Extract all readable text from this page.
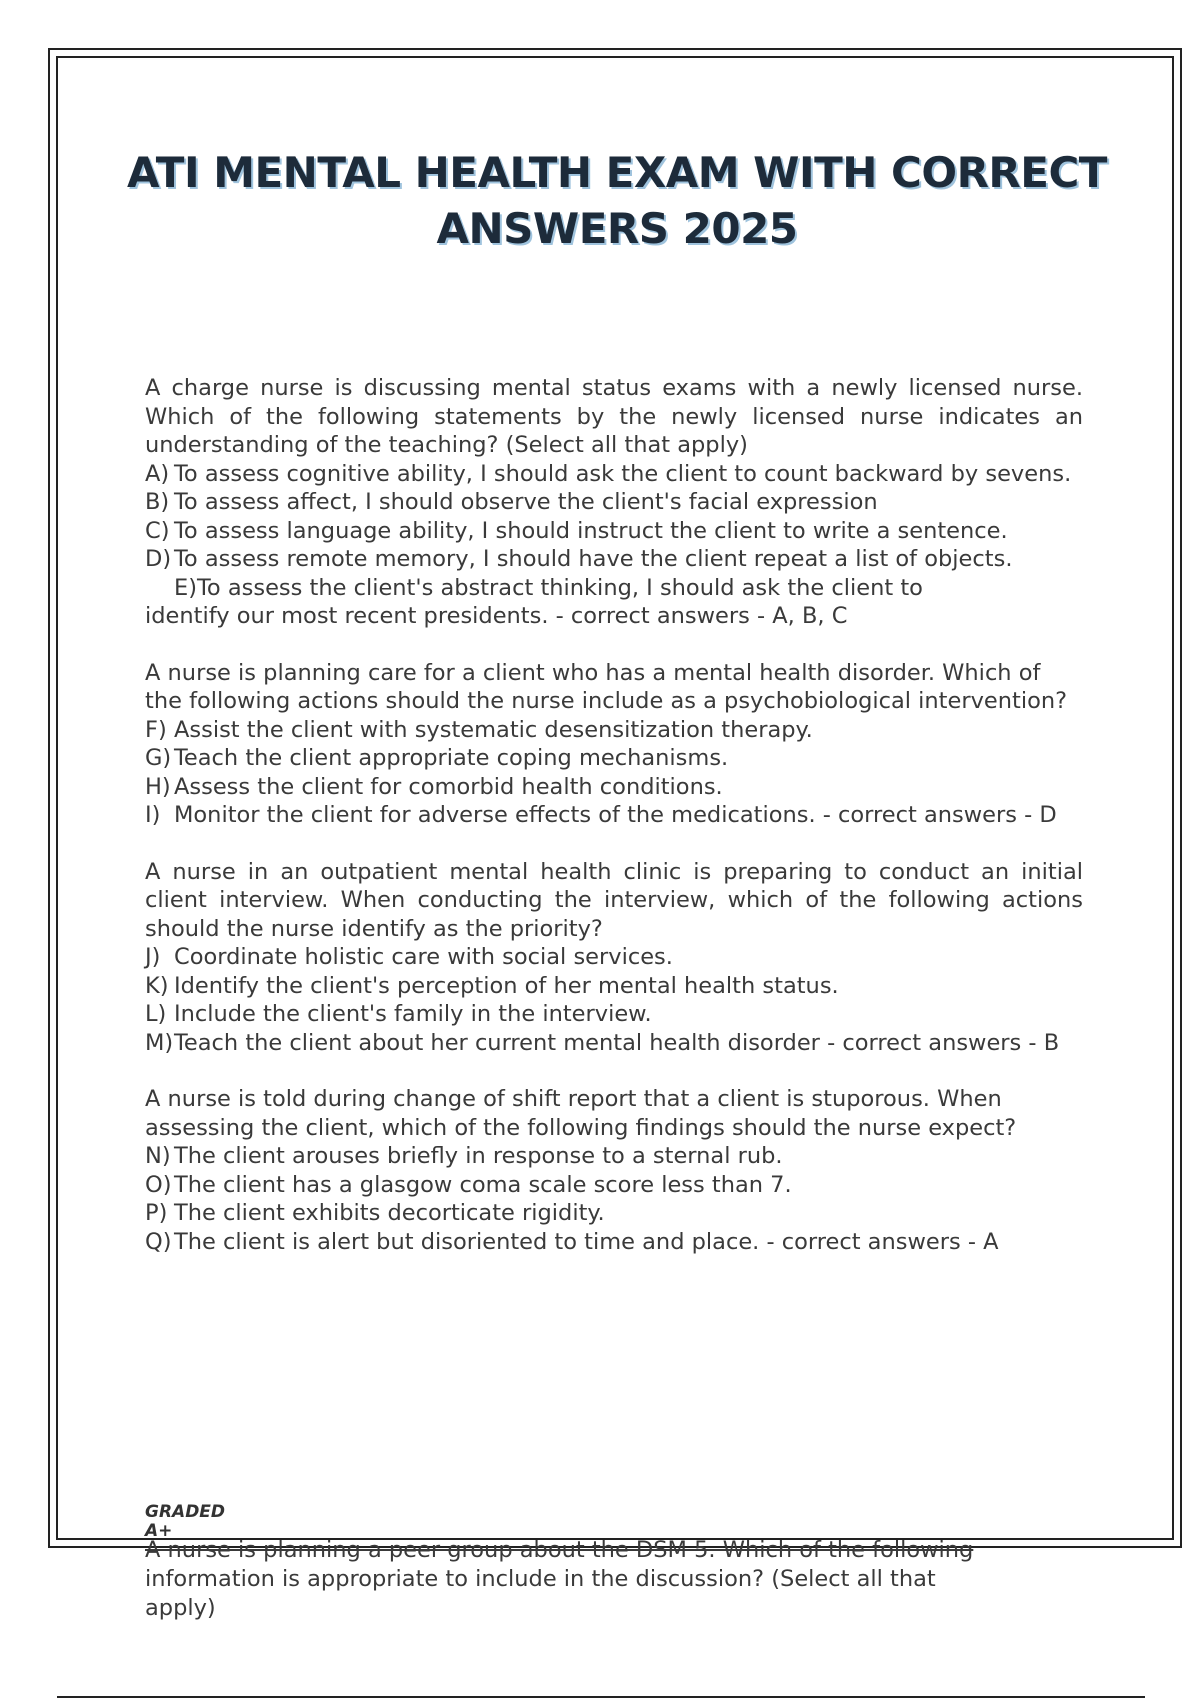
ATI MENTAL HEALTH EXAM WITH CORRECT
ANSWERS 2025
A charge nurse is discussing mental status exams with a newly licensed nurse. Which of the following statements by the newly licensed nurse indicates an understanding of the teaching? (Select all that apply)
A) To assess cognitive ability, I should ask the client to count backward by sevens.
B) To assess affect, I should observe the client's facial expression
C) To assess language ability, I should instruct the client to write a sentence.
D) To assess remote memory, I should have the client repeat a list of objects.
E)To assess the client's abstract thinking, I should ask the client to
identify our most recent presidents. - correct answers - A, B, C
A nurse is planning care for a client who has a mental health disorder. Which of the following actions should the nurse include as a psychobiological intervention?
F) Assist the client with systematic desensitization therapy.
G) Teach the client appropriate coping mechanisms.
H) Assess the client for comorbid health conditions.
I) Monitor the client for adverse effects of the medications. - correct answers - D
A nurse in an outpatient mental health clinic is preparing to conduct an initial client interview. When conducting the interview, which of the following actions should the nurse identify as the priority?
J) Coordinate holistic care with social services.
K) Identify the client's perception of her mental health status.
L) Include the client's family in the interview.
M) Teach the client about her current mental health disorder - correct answers - B
A nurse is told during change of shift report that a client is stuporous. When assessing the client, which of the following findings should the nurse expect?
N) The client arouses briefly in response to a sternal rub.
O) The client has a glasgow coma scale score less than 7.
P) The client exhibits decorticate rigidity.
Q) The client is alert but disoriented to time and place. - correct answers - A
GRADED
A+
A nurse is planning a peer group about the DSM 5. Which of the following
information is appropriate to include in the discussion? (Select all that
apply)
